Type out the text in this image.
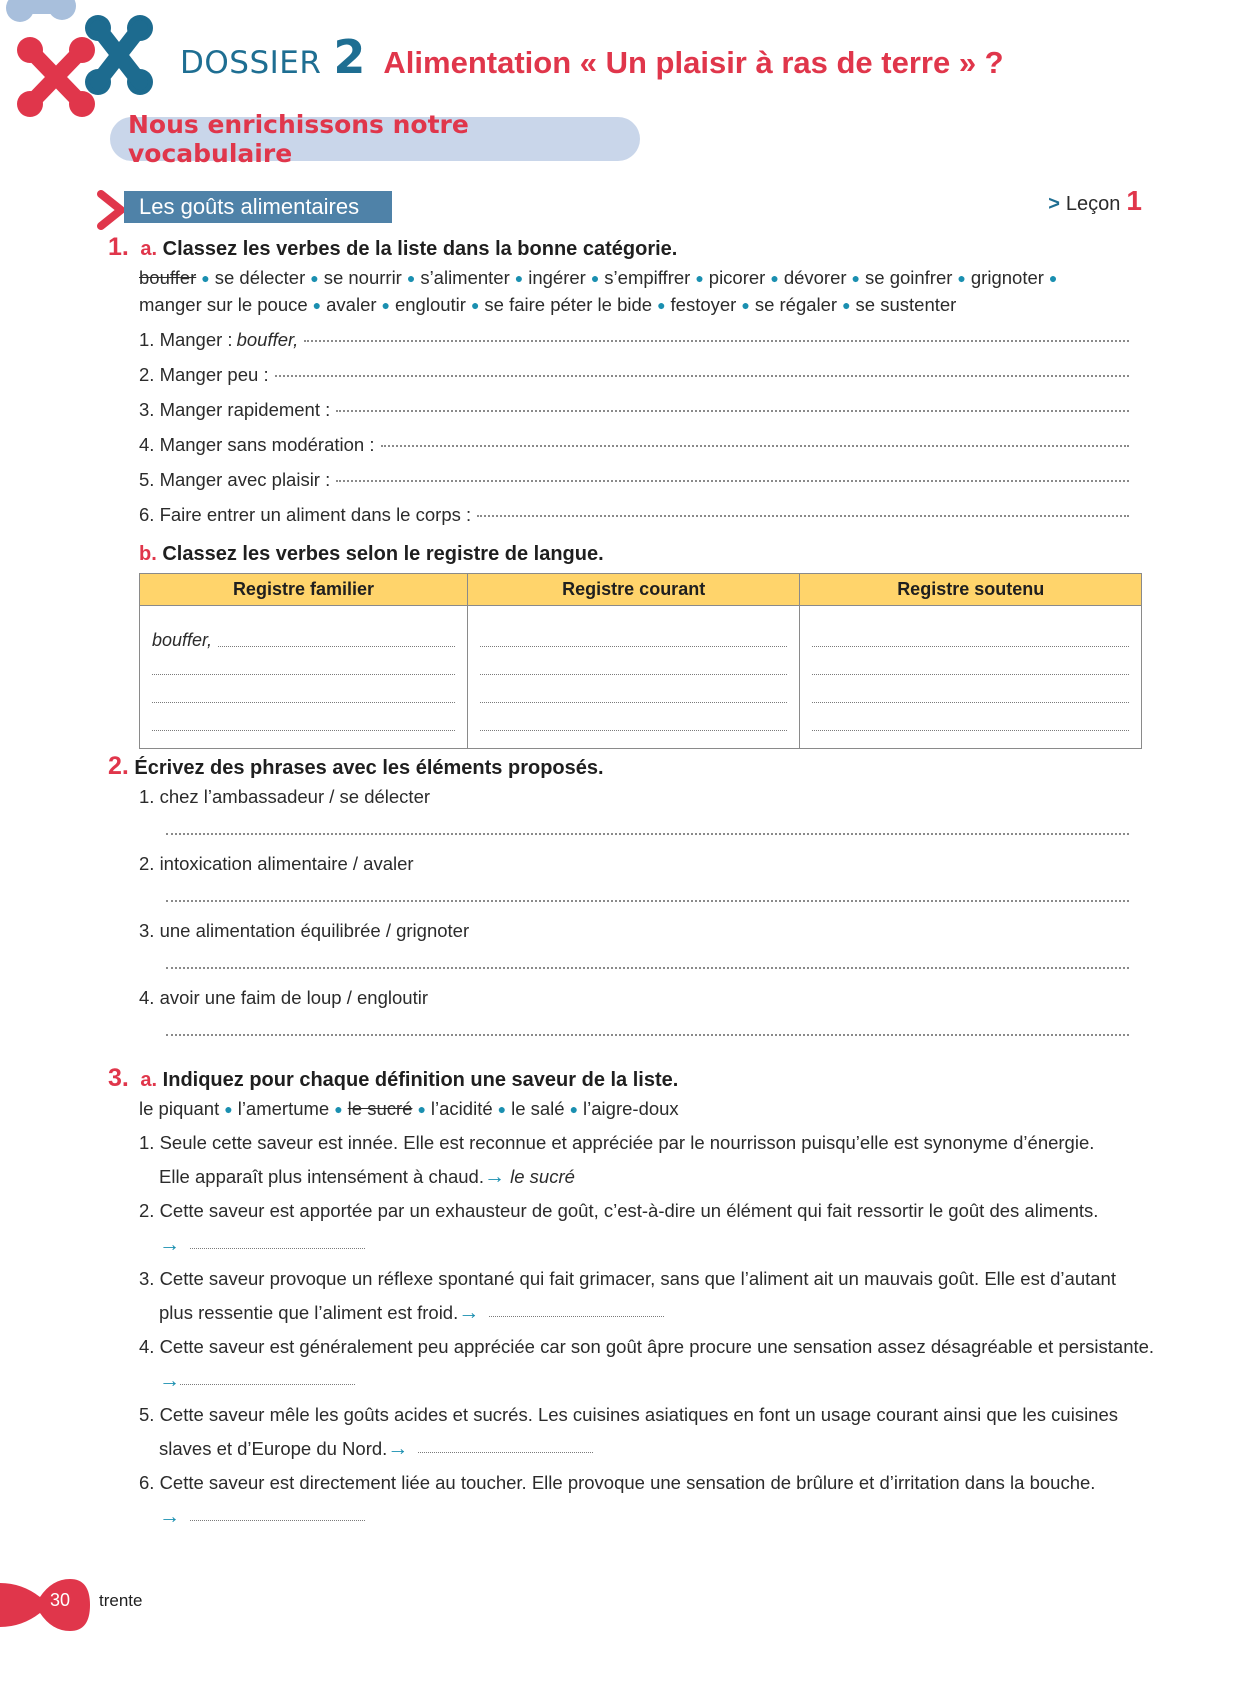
DOSSIER 2 Alimentation « Un plaisir à ras de terre » ?
Nous enrichissons notre vocabulaire
Les goûts alimentaires	> Leçon 1
1. a. Classez les verbes de la liste dans la bonne catégorie.
bouffer ● se délecter ● se nourrir ● s’alimenter ● ingérer ● s’empiffrer ● picorer ● dévorer ● se goinfrer ● grignoter ●
manger sur le pouce ● avaler ● engloutir ● se faire péter le bide ● festoyer ● se régaler ● se sustenter
1. Manger : bouffer,
2. Manger peu :
3. Manger rapidement :
4. Manger sans modération :
5. Manger avec plaisir :
6. Faire entrer un aliment dans le corps :
b. Classez les verbes selon le registre de langue.
Registre familier	Registre courant	Registre soutenu

bouffer,		

2. Écrivez des phrases avec les éléments proposés.
1. chez l’ambassadeur / se délecter
2. intoxication alimentaire / avaler
3. une alimentation équilibrée / grignoter
4. avoir une faim de loup / engloutir
3. a. Indiquez pour chaque définition une saveur de la liste.
le piquant ● l’amertume ● le sucré ● l’acidité ● le salé ● l’aigre-doux
1. Seule cette saveur est innée. Elle est reconnue et appréciée par le nourrisson puisqu’elle est synonyme d’énergie.
Elle apparaît plus intensément à chaud.→ le sucré
2. Cette saveur est apportée par un exhausteur de goût, c’est-à-dire un élément qui fait ressortir le goût des aliments.
→
3. Cette saveur provoque un réflexe spontané qui fait grimacer, sans que l’aliment ait un mauvais goût. Elle est d’autant
plus ressentie que l’aliment est froid.→
4. Cette saveur est généralement peu appréciée car son goût âpre procure une sensation assez désagréable et persistante.
→
5. Cette saveur mêle les goûts acides et sucrés. Les cuisines asiatiques en font un usage courant ainsi que les cuisines
slaves et d’Europe du Nord.→
6. Cette saveur est directement liée au toucher. Elle provoque une sensation de brûlure et d’irritation dans la bouche.
→
30 trente
